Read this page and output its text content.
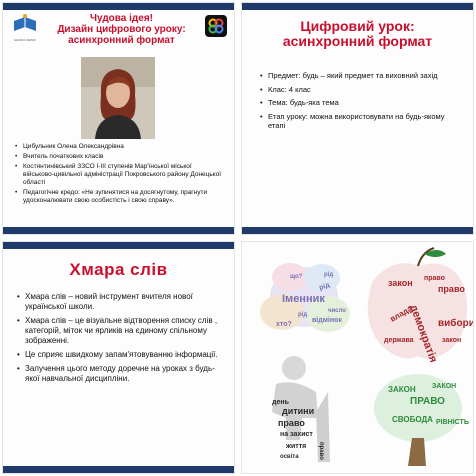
ШКОЛА ЗАРАЗ
Чудова ідея!
Дизайн цифрового уроку:
асинхронний формат
• Цибульник Олена Олександрівна
• Вчитель початкових класів
• Костянтинівський ЗЗСО І-ІІІ ступенів Мар'їнської міської військово-цивільної адміністрації Покровського району Донецької області
• Педагогічне кредо: «Не зупинятися на досягнутому, прагнути удосконалювати свою особистість і свою справу».
Цифровий урок:
асинхронний формат
• Предмет: будь – який предмет та виховний захід
• Клас: 4 клас
• Тема: будь-яка тема
• Етап уроку: можна використовувати на будь-якому етапі
Хмара слів
• Хмара слів – новий інструмент вчителя нової української школи.
• Хмара слів – це візуальне відтворення списку слів , категорій, міток чи ярликів на єдиному спільному зображенні.
• Це сприяє швидкому запам'ятовуванню інформації.
• Залучення цього методу доречне на уроках з будь-якої навчальної дисципліни.
Іменник
рід
хто?
що?
відмінок
число
рід
рід
закон
право
демократія
влада вибори
держава	закон
право
день
дитини
право
на захист
життя
освіта	право
ЗАКОН
ПРАВО
СВОБОДА
ЗАКОН
РІВНІСТЬ
